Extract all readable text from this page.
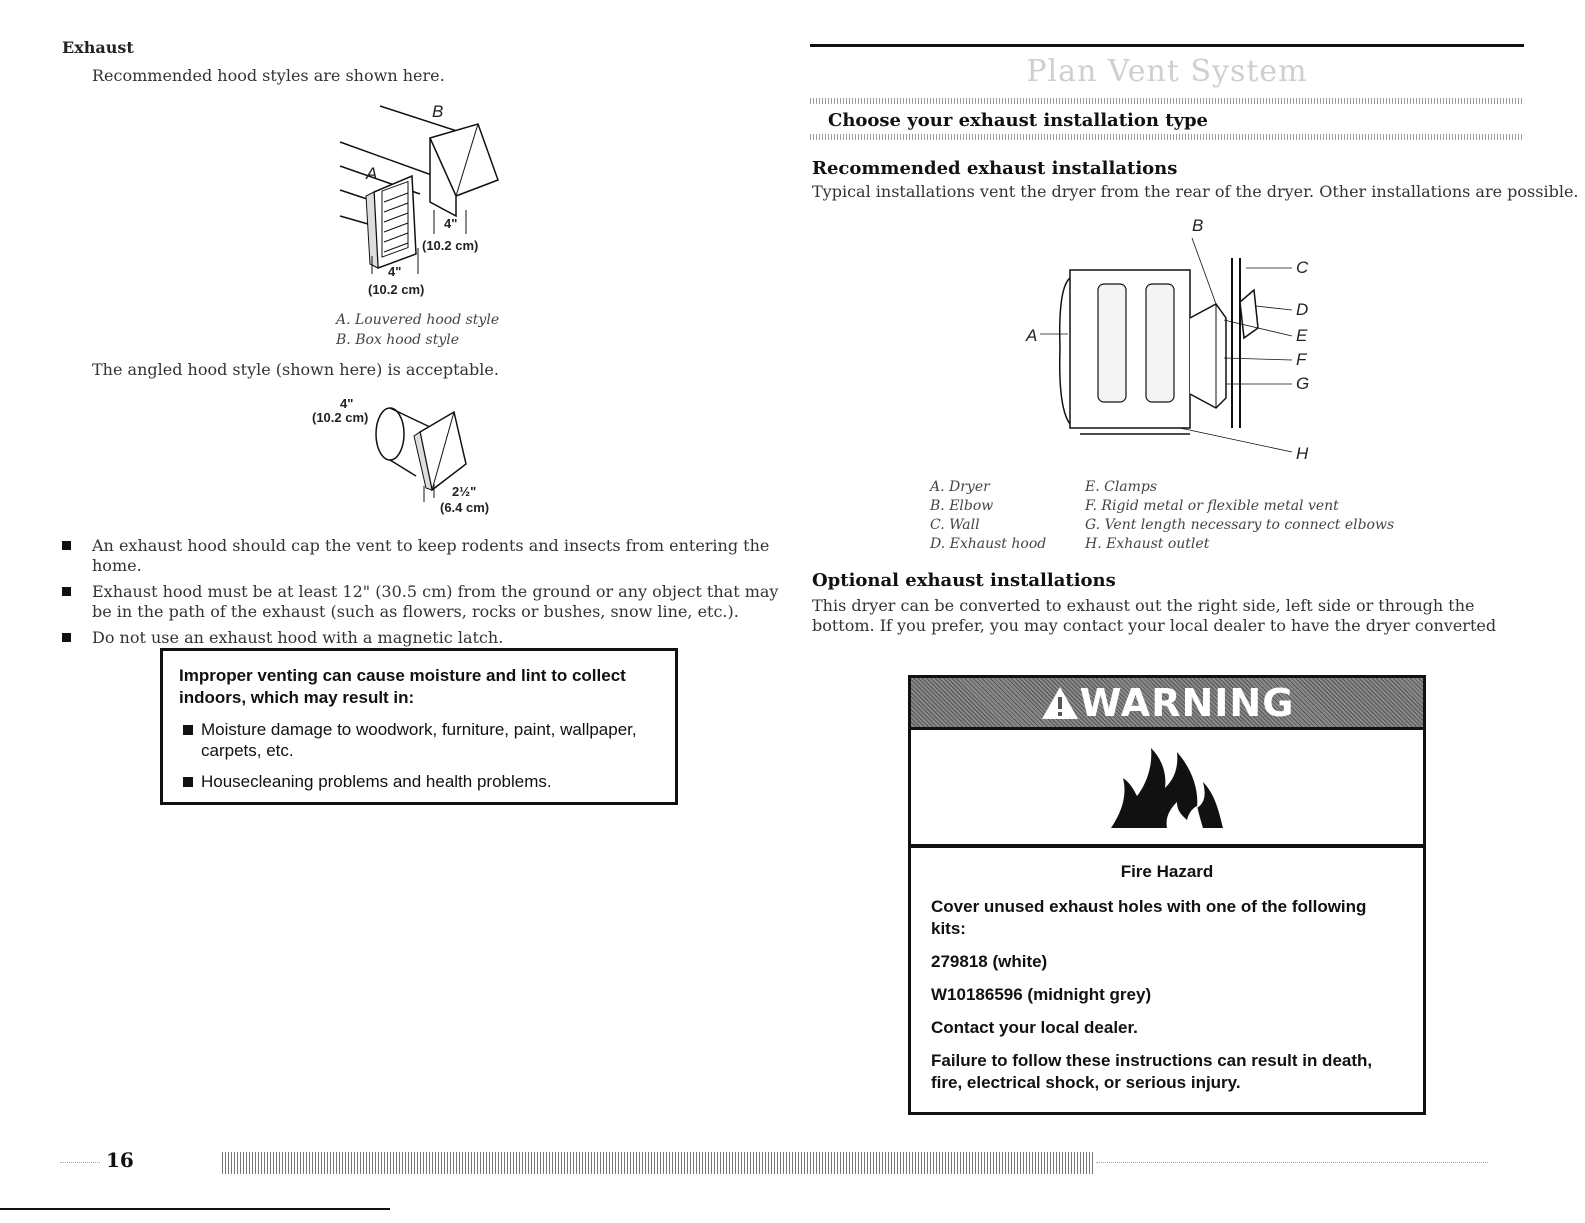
Exhaust
Recommended hood styles are shown here.
B
A
4"
(10.2 cm)
4"
(10.2 cm)
A. Louvered hood style
B. Box hood style
The angled hood style (shown here) is acceptable.
4"
(10.2 cm)
2½"
(6.4 cm)
An exhaust hood should cap the vent to keep rodents and insects from entering the home.
Exhaust hood must be at least 12" (30.5 cm) from the ground or any object that may be in the path of the exhaust (such as flowers, rocks or bushes, snow line, etc.).
Do not use an exhaust hood with a magnetic latch.
Improper venting can cause moisture and lint to collect indoors, which may result in:
Moisture damage to woodwork, furniture, paint, wallpaper, carpets, etc.
Housecleaning problems and health problems.
Plan Vent System
Choose your exhaust installation type
Recommended exhaust installations
Typical installations vent the dryer from the rear of the dryer. Other installations are possible.
B
A
C
D
E
F
G
H
A. Dryer	E. Clamps
B. Elbow	F. Rigid metal or flexible metal vent
C. Wall	G. Vent length necessary to connect elbows
D. Exhaust hood	H. Exhaust outlet
Optional exhaust installations
This dryer can be converted to exhaust out the right side, left side or through the bottom. If you prefer, you may contact your local dealer to have the dryer converted
WARNING
Fire Hazard

Cover unused exhaust holes with one of the following kits:

279818 (white)

W10186596 (midnight grey)

Contact your local dealer.

Failure to follow these instructions can result in death, fire, electrical shock, or serious injury.

16
